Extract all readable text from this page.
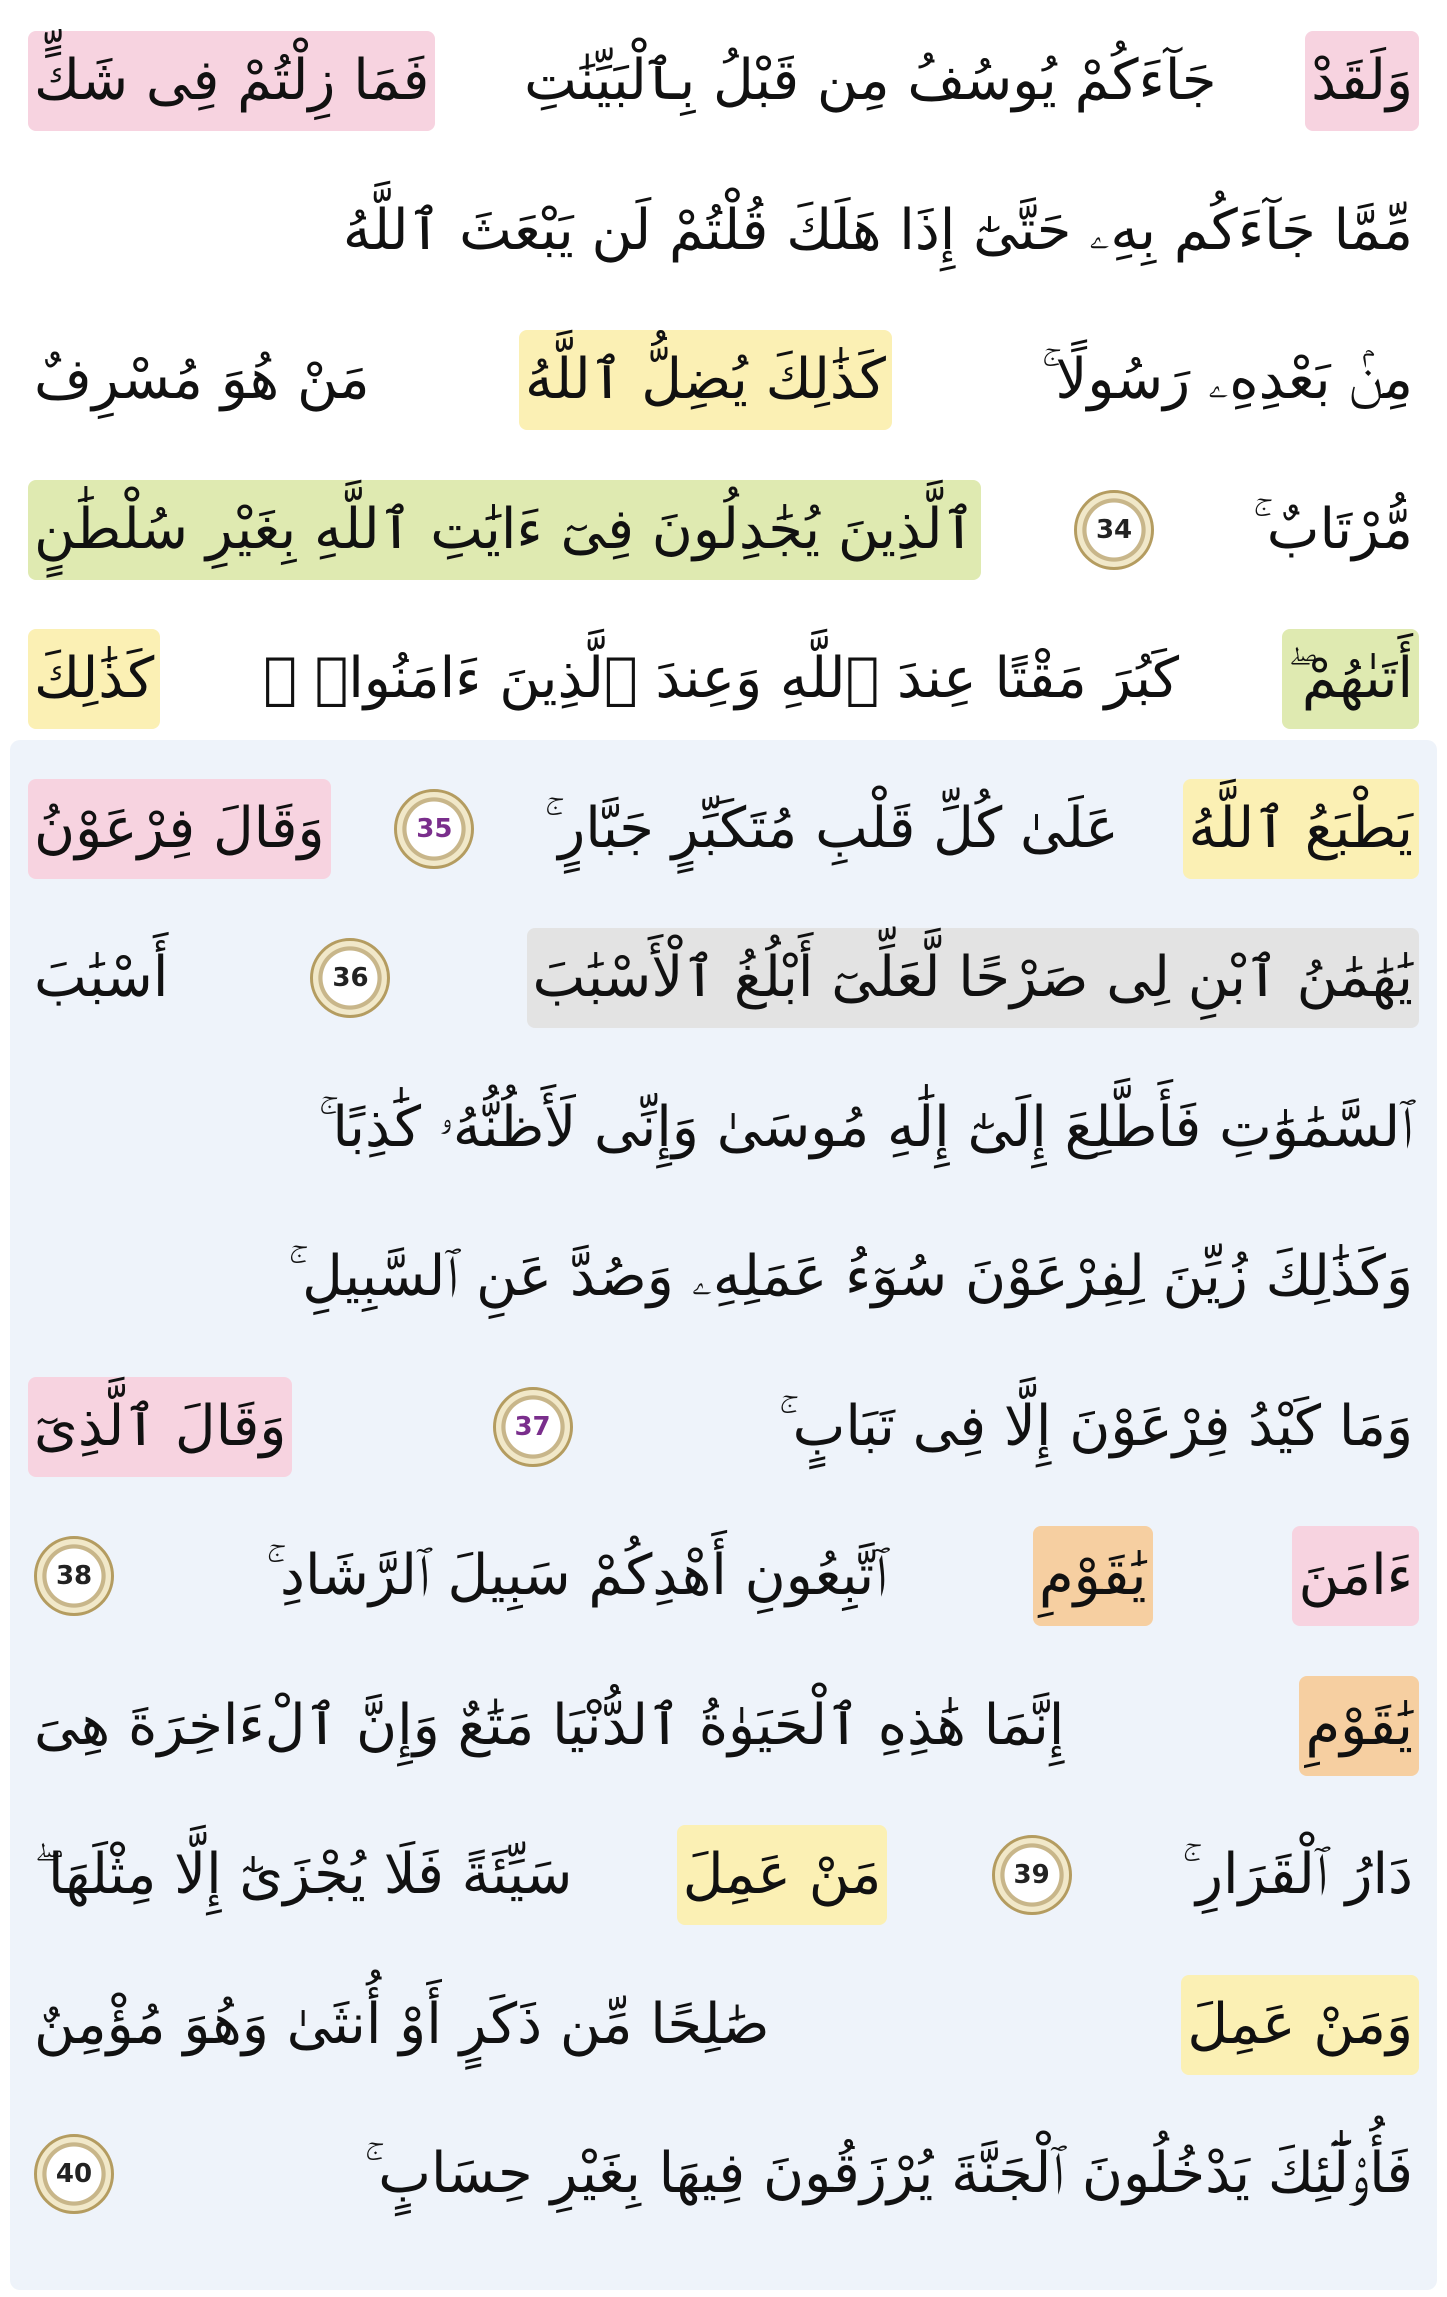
وَلَقَدْ
جَآءَكُمْ يُوسُفُ مِن قَبْلُ بِٱلْبَيِّنَٰتِ
فَمَا زِلْتُمْ فِى شَكٍّ
مِّمَّا جَآءَكُم بِهِۦ حَتَّىٰٓ إِذَا هَلَكَ قُلْتُمْ لَن يَبْعَثَ ٱللَّهُ
مِنۢ بَعْدِهِۦ رَسُولًا ۚ
كَذَٰلِكَ يُضِلُّ ٱللَّهُ
مَنْ هُوَ مُسْرِفٌ
مُّرْتَابٌ ۚ
34
ٱلَّذِينَ يُجَٰدِلُونَ فِىٓ ءَايَٰتِ ٱللَّهِ بِغَيْرِ سُلْطَٰنٍ
أَتَىٰهُمْ ۖ
كَبُرَ مَقْتًا عِندَ ٱللَّهِ وَعِندَ ٱلَّذِينَ ءَامَنُوا۟ ۚ
كَذَٰلِكَ
يَطْبَعُ ٱللَّهُ
عَلَىٰ كُلِّ قَلْبِ مُتَكَبِّرٍ جَبَّارٍ ۚ
35
وَقَالَ فِرْعَوْنُ
يَٰهَٰمَٰنُ ٱبْنِ لِى صَرْحًا لَّعَلِّىٓ أَبْلُغُ ٱلْأَسْبَٰبَ
36
أَسْبَٰبَ
ٱلسَّمَٰوَٰتِ فَأَطَّلِعَ إِلَىٰٓ إِلَٰهِ مُوسَىٰ وَإِنِّى لَأَظُنُّهُۥ كَٰذِبًا ۚ
وَكَذَٰلِكَ زُيِّنَ لِفِرْعَوْنَ سُوٓءُ عَمَلِهِۦ وَصُدَّ عَنِ ٱلسَّبِيلِ ۚ
وَمَا كَيْدُ فِرْعَوْنَ إِلَّا فِى تَبَابٍ ۚ
37
وَقَالَ ٱلَّذِىٓ
ءَامَنَ
يَٰقَوْمِ
ٱتَّبِعُونِ أَهْدِكُمْ سَبِيلَ ٱلرَّشَادِ ۚ
38
يَٰقَوْمِ
إِنَّمَا هَٰذِهِ ٱلْحَيَوٰةُ ٱلدُّنْيَا مَتَٰعٌ وَإِنَّ ٱلْءَاخِرَةَ هِىَ
دَارُ ٱلْقَرَارِ ۚ
39
مَنْ عَمِلَ
سَيِّئَةً فَلَا يُجْزَىٰٓ إِلَّا مِثْلَهَا ۖ
وَمَنْ عَمِلَ
صَٰلِحًا مِّن ذَكَرٍ أَوْ أُنثَىٰ وَهُوَ مُؤْمِنٌ
فَأُو۟لَٰٓئِكَ يَدْخُلُونَ ٱلْجَنَّةَ يُرْزَقُونَ فِيهَا بِغَيْرِ حِسَابٍ ۚ
40
